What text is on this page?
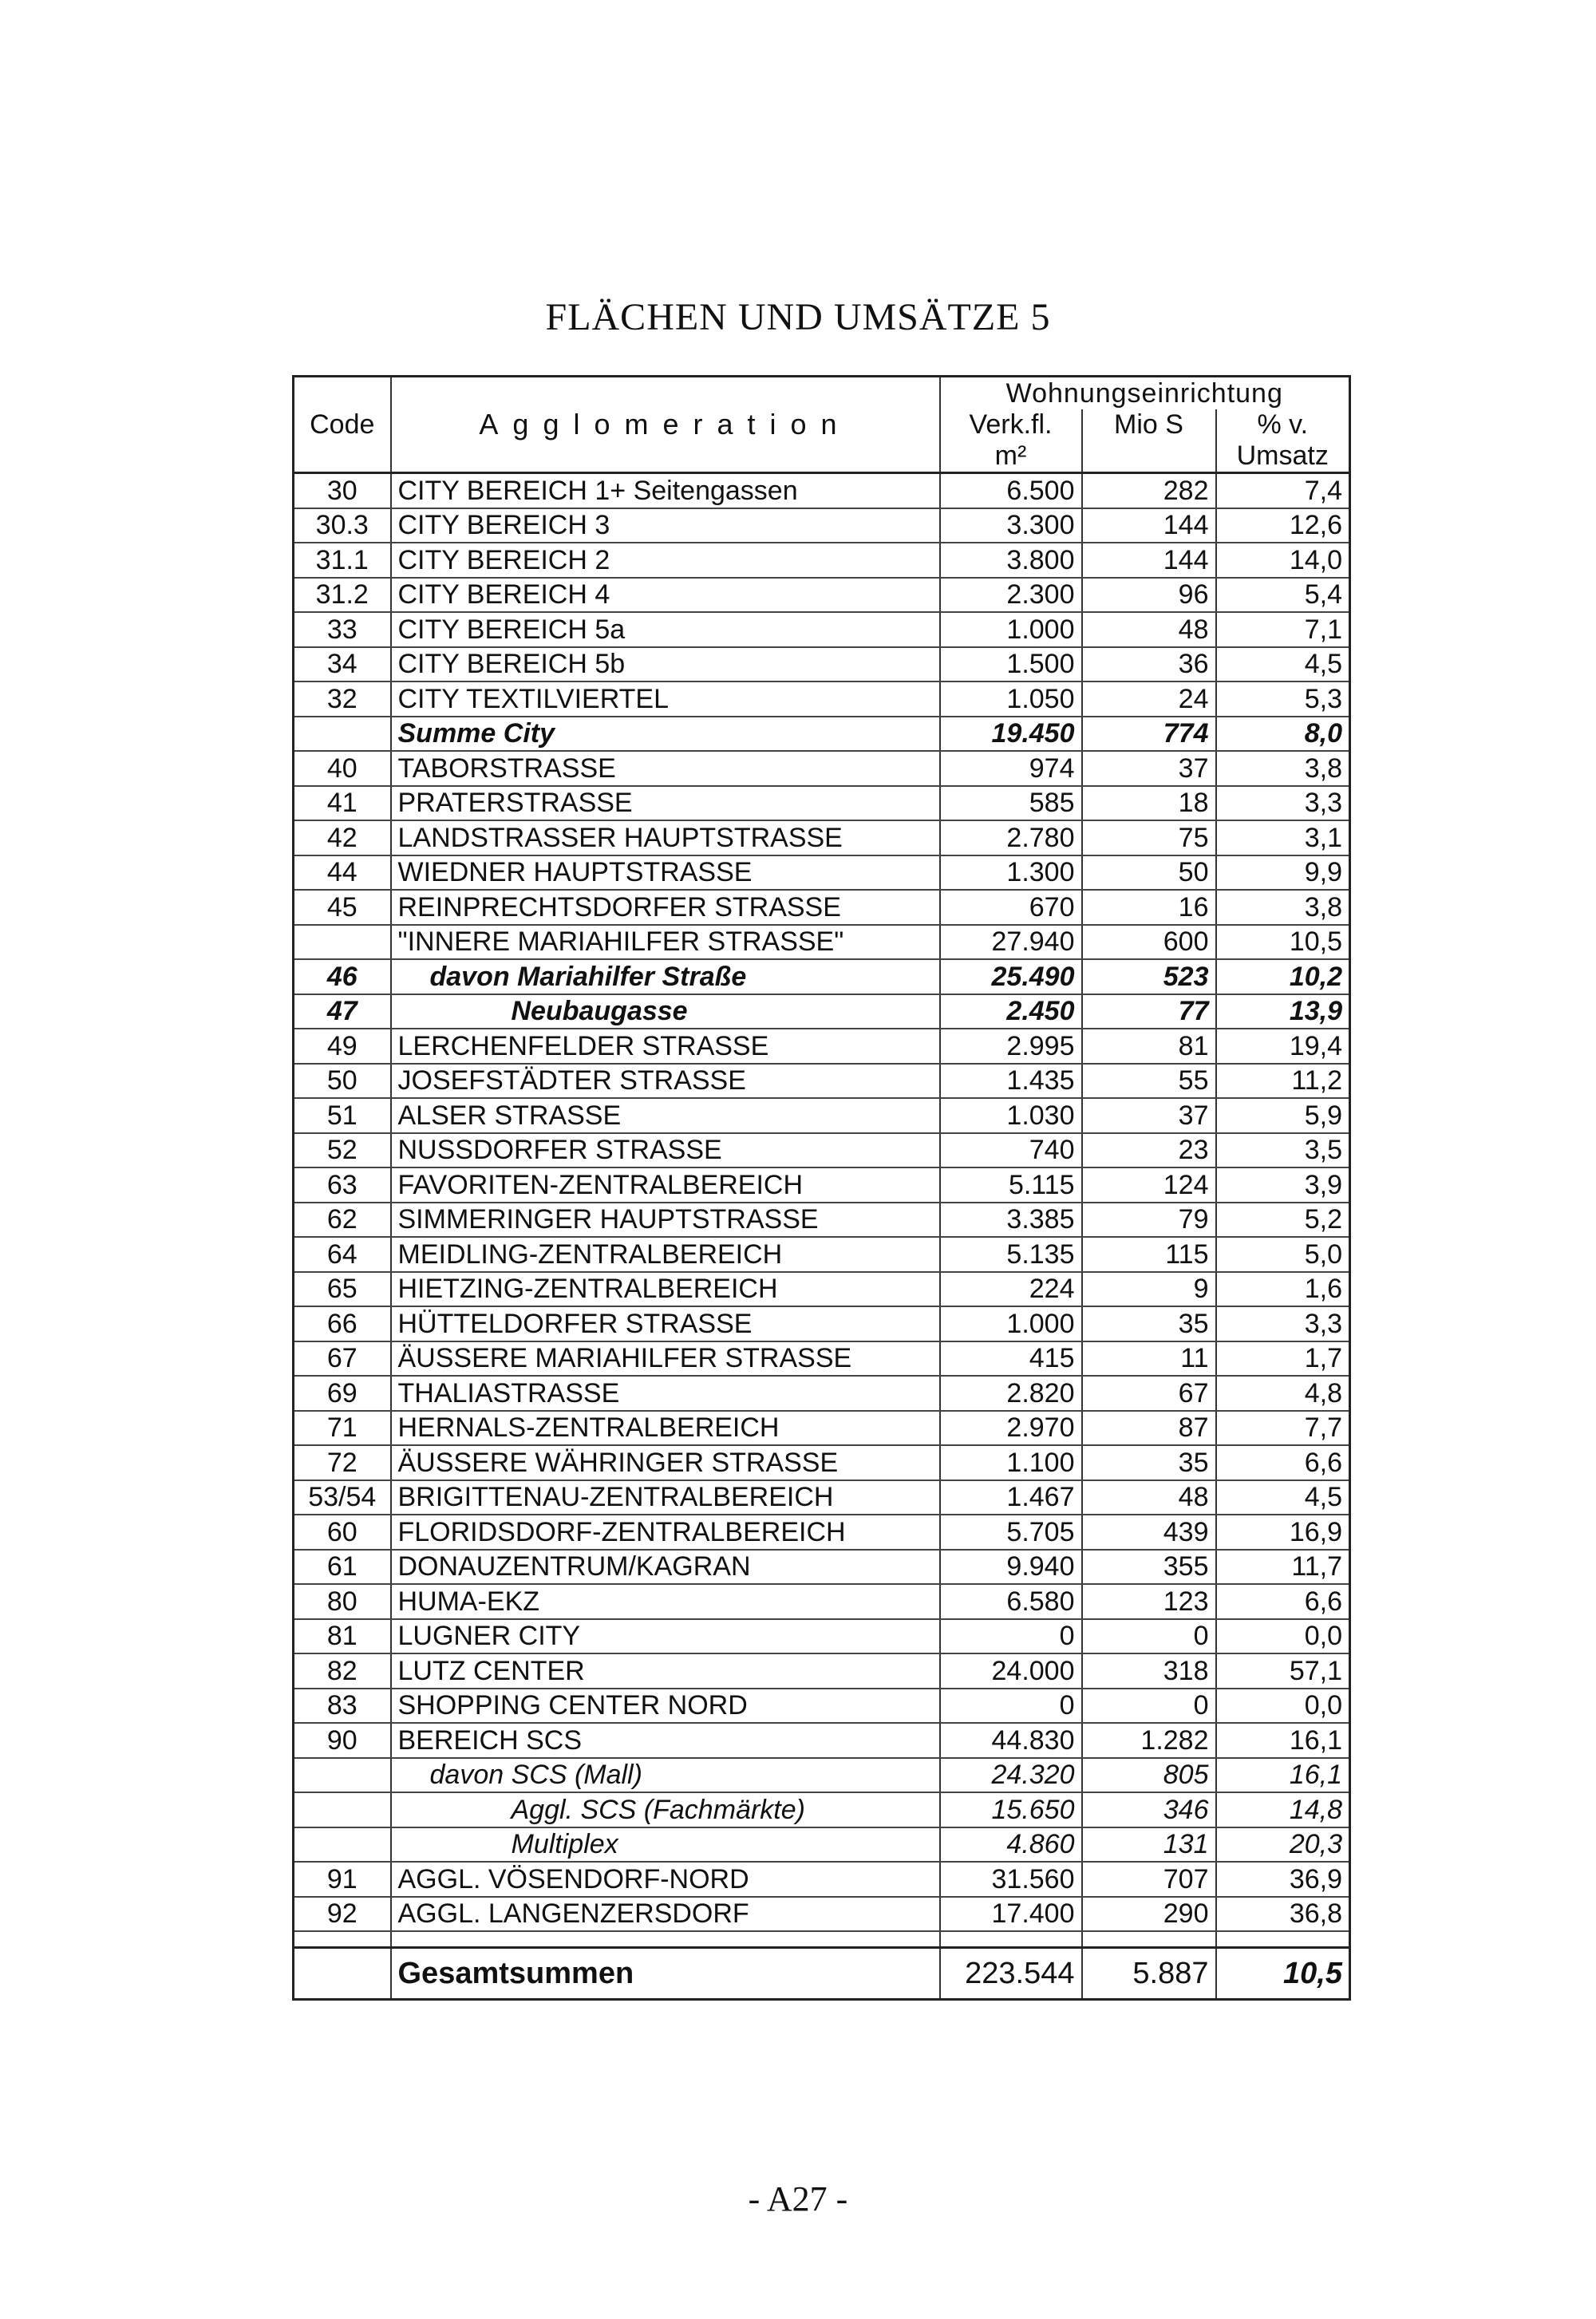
FLÄCHEN UND UMSÄTZE 5
Code	Agglomeration	Wohnungseinrichtung		
		Verk.fl.	Mio S	% v.
		m²		Umsatz
30	CITY BEREICH 1+ Seitengassen	6.500	282	7,4
30.3	CITY BEREICH 3	3.300	144	12,6
31.1	CITY BEREICH 2	3.800	144	14,0
31.2	CITY BEREICH 4	2.300	96	5,4
33	CITY BEREICH 5a	1.000	48	7,1
34	CITY BEREICH 5b	1.500	36	4,5
32	CITY TEXTILVIERTEL	1.050	24	5,3
	Summe City	19.450	774	8,0
40	TABORSTRASSE	974	37	3,8
41	PRATERSTRASSE	585	18	3,3
42	LANDSTRASSER HAUPTSTRASSE	2.780	75	3,1
44	WIEDNER HAUPTSTRASSE	1.300	50	9,9
45	REINPRECHTSDORFER STRASSE	670	16	3,8
	"INNERE MARIAHILFER STRASSE"	27.940	600	10,5
46	davon Mariahilfer Straße	25.490	523	10,2
47	Neubaugasse	2.450	77	13,9
49	LERCHENFELDER STRASSE	2.995	81	19,4
50	JOSEFSTÄDTER STRASSE	1.435	55	11,2
51	ALSER STRASSE	1.030	37	5,9
52	NUSSDORFER STRASSE	740	23	3,5
63	FAVORITEN-ZENTRALBEREICH	5.115	124	3,9
62	SIMMERINGER HAUPTSTRASSE	3.385	79	5,2
64	MEIDLING-ZENTRALBEREICH	5.135	115	5,0
65	HIETZING-ZENTRALBEREICH	224	9	1,6
66	HÜTTELDORFER STRASSE	1.000	35	3,3
67	ÄUSSERE MARIAHILFER STRASSE	415	11	1,7
69	THALIASTRASSE	2.820	67	4,8
71	HERNALS-ZENTRALBEREICH	2.970	87	7,7
72	ÄUSSERE WÄHRINGER STRASSE	1.100	35	6,6
53/54	BRIGITTENAU-ZENTRALBEREICH	1.467	48	4,5
60	FLORIDSDORF-ZENTRALBEREICH	5.705	439	16,9
61	DONAUZENTRUM/KAGRAN	9.940	355	11,7
80	HUMA-EKZ	6.580	123	6,6
81	LUGNER CITY	0	0	0,0
82	LUTZ CENTER	24.000	318	57,1
83	SHOPPING CENTER NORD	0	0	0,0
90	BEREICH SCS	44.830	1.282	16,1
	davon SCS (Mall)	24.320	805	16,1
	Aggl. SCS (Fachmärkte)	15.650	346	14,8
	Multiplex	4.860	131	20,3
91	AGGL. VÖSENDORF-NORD	31.560	707	36,9
92	AGGL. LANGENZERSDORF	17.400	290	36,8

	Gesamtsummen	223.544	5.887	10,5
- A27 -
